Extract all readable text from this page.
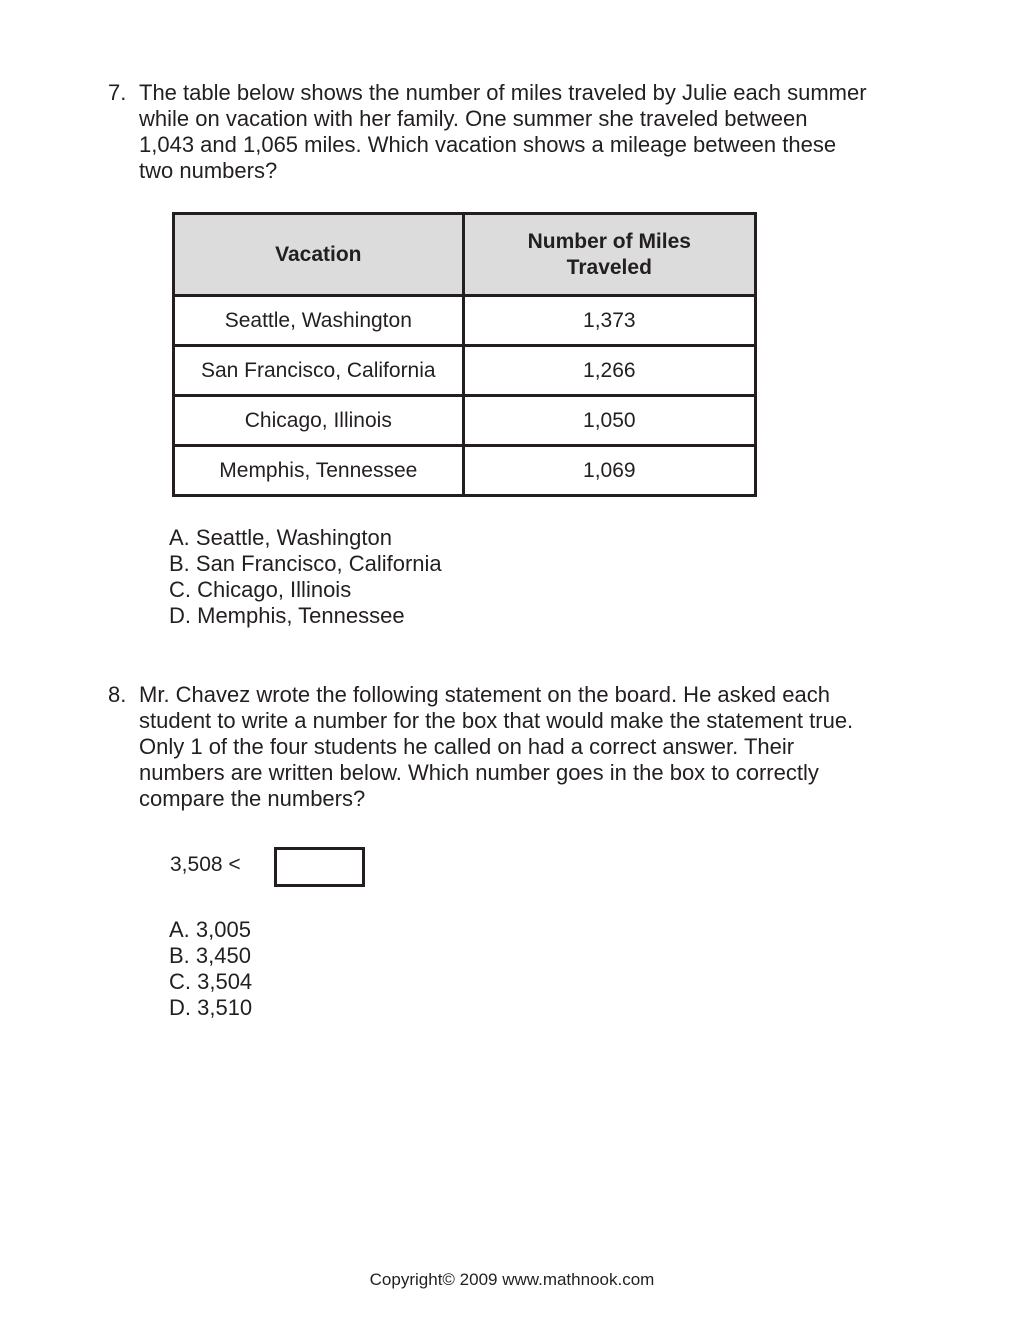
7. The table below shows the number of miles traveled by Julie each summer
while on vacation with her family. One summer she traveled between
1,043 and 1,065 miles. Which vacation shows a mileage between these
two numbers?
Vacation	Number of Miles
Traveled
Seattle, Washington	1,373
San Francisco, California	1,266
Chicago, Illinois	1,050
Memphis, Tennessee	1,069
A. Seattle, Washington
B. San Francisco, California
C. Chicago, Illinois
D. Memphis, Tennessee
8. Mr. Chavez wrote the following statement on the board. He asked each
student to write a number for the box that would make the statement true.
Only 1 of the four students he called on had a correct answer. Their
numbers are written below. Which number goes in the box to correctly
compare the numbers?
3,508 <
A. 3,005
B. 3,450
C. 3,504
D. 3,510
Copyright© 2009 www.mathnook.com
